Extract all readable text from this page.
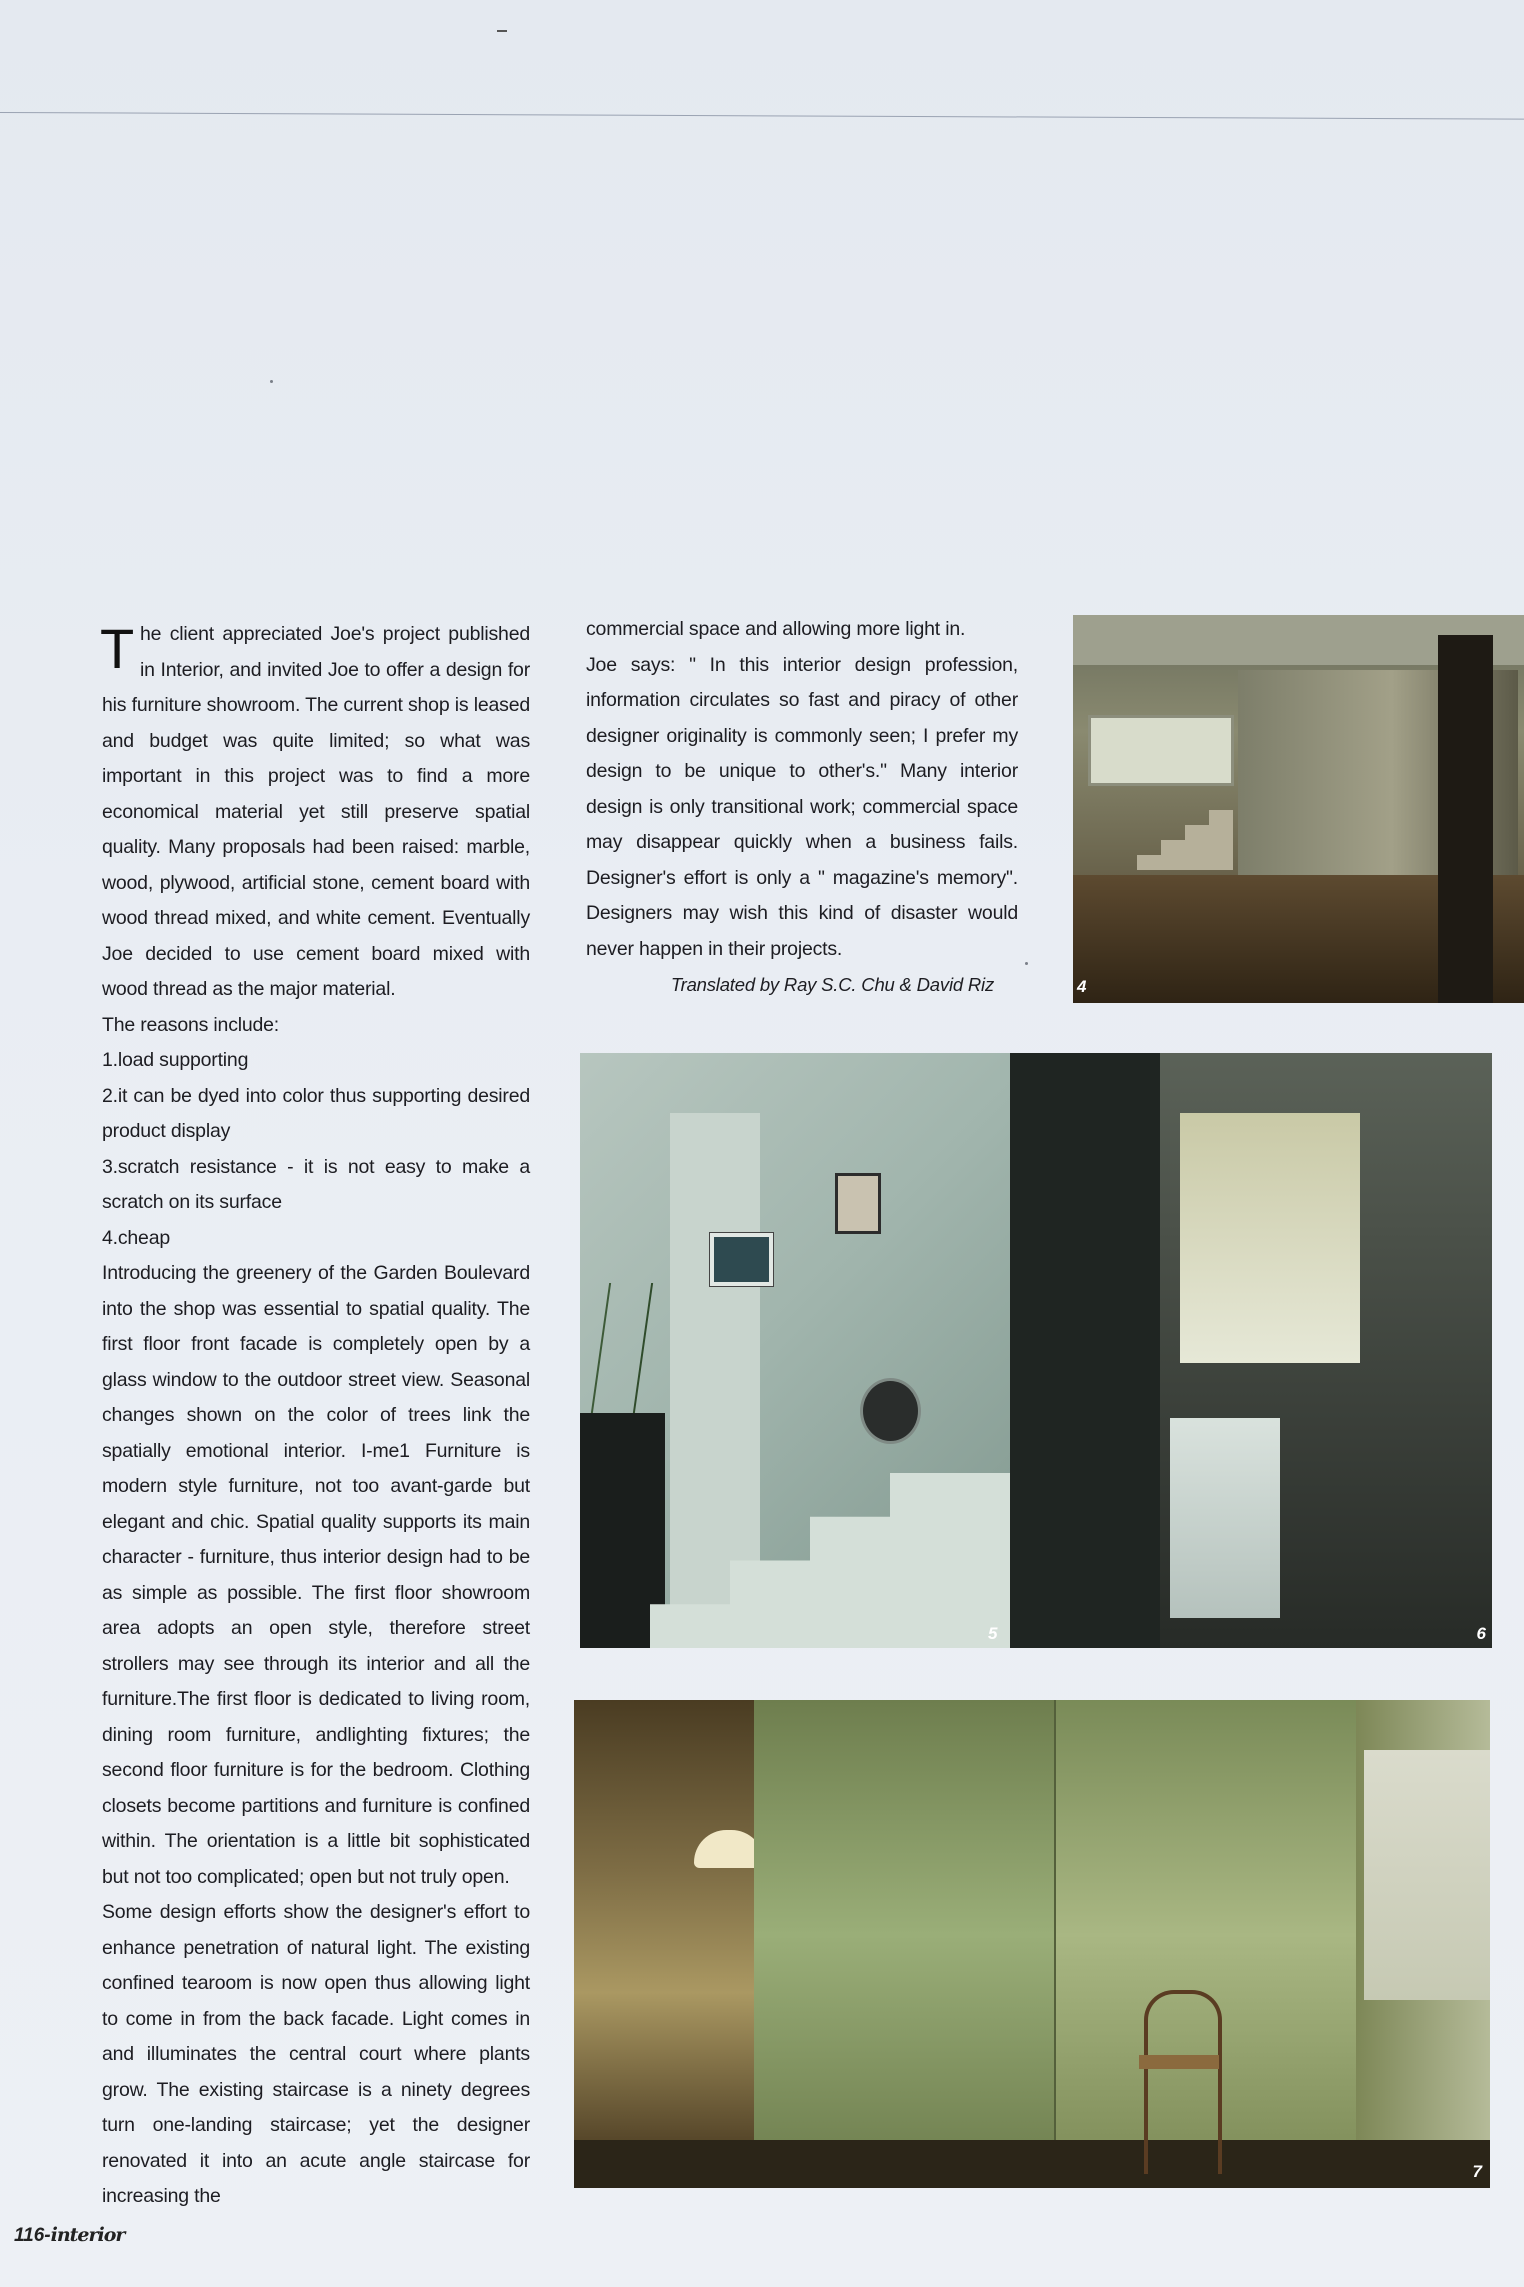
The client appreciated Joe's project published in Interior, and invited Joe to offer a design for his furniture showroom. The current shop is leased and budget was quite limited; so what was important in this project was to find a more economical material yet still preserve spatial quality. Many proposals had been raised: marble, wood, plywood, artificial stone, cement board with wood thread mixed, and white cement. Eventually Joe decided to use cement board mixed with wood thread as the major material.

The reasons include:

1.load supporting

2.it can be dyed into color thus supporting desired product display

3.scratch resistance - it is not easy to make a scratch on its surface

4.cheap

Introducing the greenery of the Garden Boulevard into the shop was essential to spatial quality. The first floor front facade is completely open by a glass window to the outdoor street view. Seasonal changes shown on the color of trees link the spatially emotional interior. I-me1 Furniture is modern style furniture, not too avant-garde but elegant and chic. Spatial quality supports its main character - furniture, thus interior design had to be as simple as possible. The first floor showroom area adopts an open style, therefore street strollers may see through its interior and all the furniture.The first floor is dedicated to living room, dining room furniture, andlighting fixtures; the second floor furniture is for the bedroom. Clothing closets become partitions and furniture is confined within. The orientation is a little bit sophisticated but not too complicated; open but not truly open.

Some design efforts show the designer's effort to enhance penetration of natural light. The existing confined tearoom is now open thus allowing light to come in from the back facade. Light comes in and illuminates the central court where plants grow. The existing staircase is a ninety degrees turn one-landing staircase; yet the designer renovated it into an acute angle staircase for increasing the

commercial space and allowing more light in.

Joe says: " In this interior design profession, information circulates so fast and piracy of other designer originality is commonly seen; I prefer my design to be unique to other's." Many interior design is only transitional work; commercial space may disappear quickly when a business fails. Designer's effort is only a " magazine's memory". Designers may wish this kind of disaster would never happen in their projects.

Translated by Ray S.C. Chu & David Riz	4
5	6
7
116-interior
